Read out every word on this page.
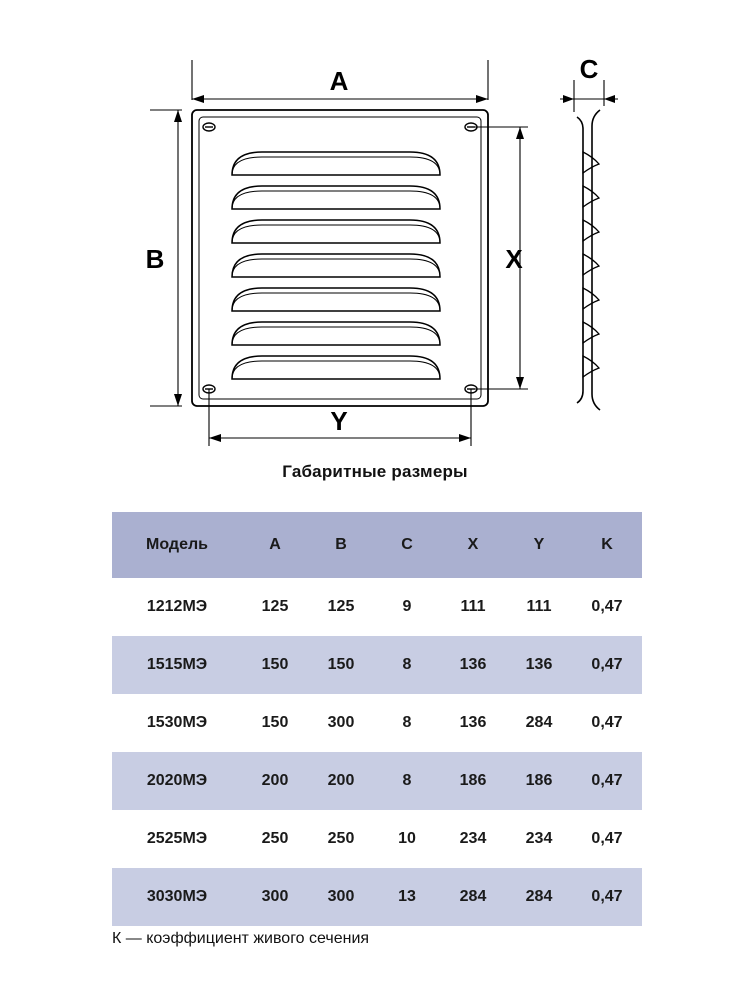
A
B
C
X
Y
Габаритные размеры
Модель	A	B	C	X	Y	K
1212МЭ	125	125	9	111	111	0,47
1515МЭ	150	150	8	136	136	0,47
1530МЭ	150	300	8	136	284	0,47
2020МЭ	200	200	8	186	186	0,47
2525МЭ	250	250	10	234	234	0,47
3030МЭ	300	300	13	284	284	0,47
К — коэффициент живого сечения
